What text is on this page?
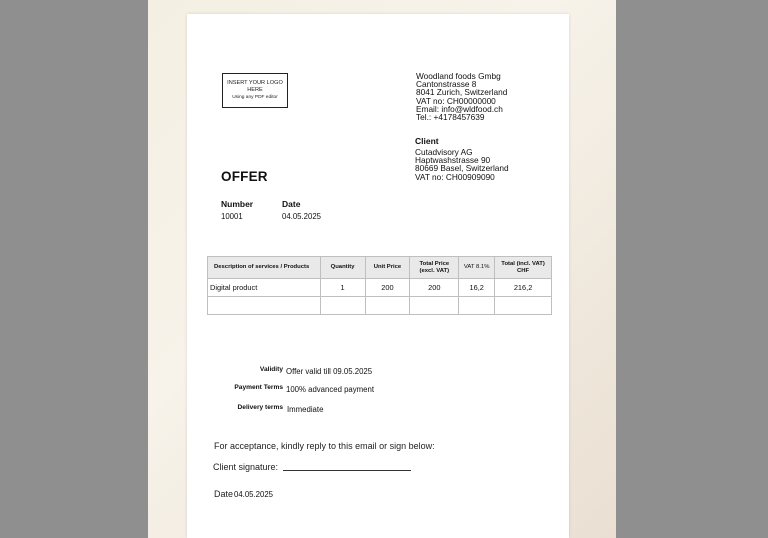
INSERT YOUR LOGO
HERE
Using any PDF editor
Woodland foods Gmbg
Cantonstrasse 8
8041 Zurich, Switzerland
VAT no: CH00000000
Email: info@wldfood.ch
Tel.: +4178457639
Client
Cutadvisory AG
Haptwashstrasse 90
80669 Basel, Switzerland
VAT no: CH00909090
OFFER
Number
10001
Date
04.05.2025
Description of services / Products	Quantity	Unit Price	Total Price (excl. VAT)	VAT 8.1%	Total (incl. VAT) CHF
Digital product	1	200	200	16,2	216,2

Validity Offer valid till 09.05.2025
Payment Terms 100% advanced payment
Delivery terms Immediate
For acceptance, kindly reply to this email or sign below:
Client signature:
Date 04.05.2025
